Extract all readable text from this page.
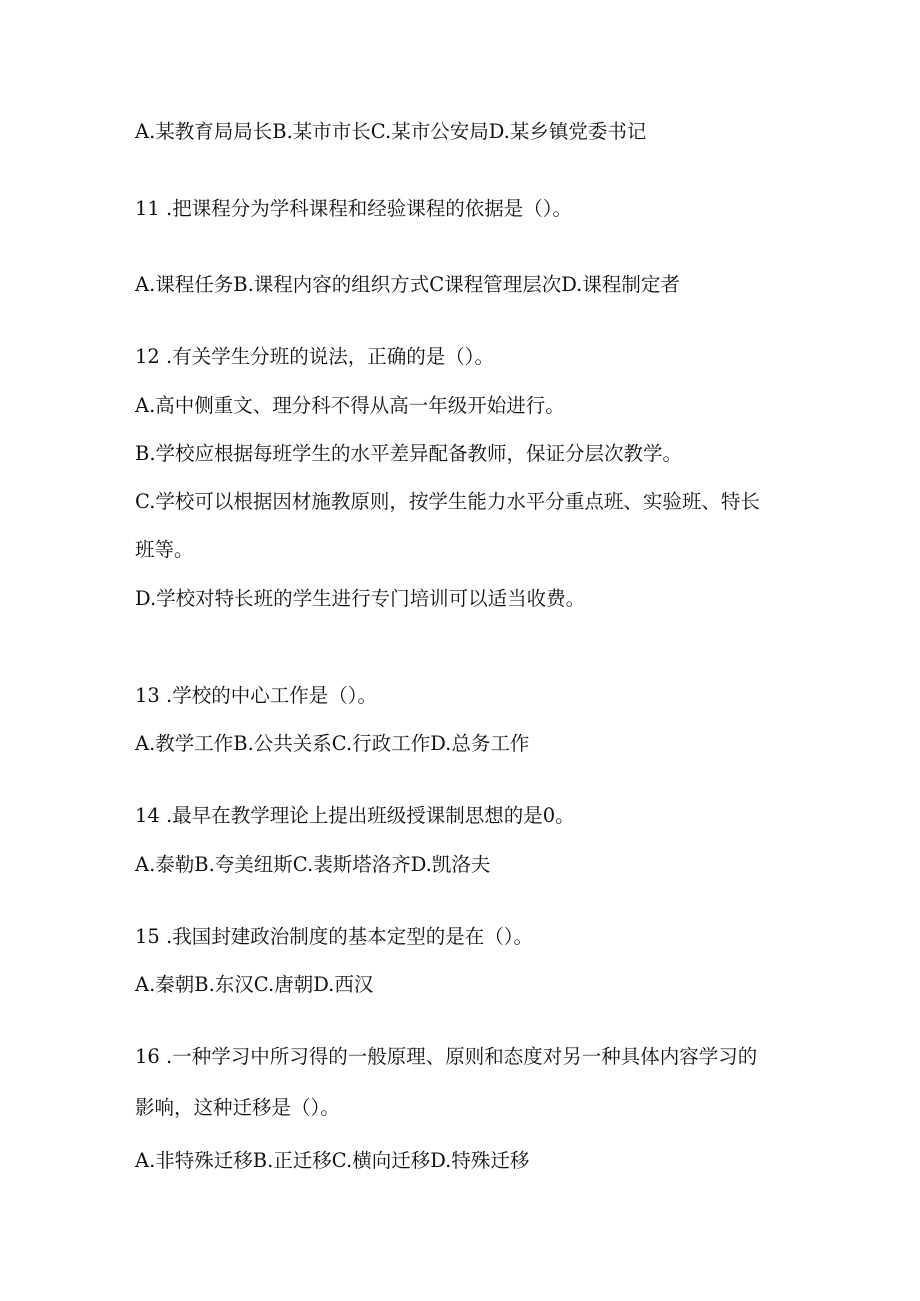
A.某教育局局长B.某市市长C.某市公安局D.某乡镇党委书记

11 .把课程分为学科课程和经验课程的依据是（）。

A.课程任务B.课程内容的组织方式C课程管理层次D.课程制定者

12 .有关学生分班的说法，正确的是（）。

A.高中侧重文、理分科不得从高一年级开始进行。

B.学校应根据每班学生的水平差异配备教师，保证分层次教学。

C.学校可以根据因材施教原则，按学生能力水平分重点班、实验班、特长

班等。

D.学校对特长班的学生进行专门培训可以适当收费。

13 .学校的中心工作是（）。

A.教学工作B.公共关系C.行政工作D.总务工作

14 .最早在教学理论上提出班级授课制思想的是0。

A.泰勒B.夸美纽斯C.裴斯塔洛齐D.凯洛夫

15 .我国封建政治制度的基本定型的是在（）。

A.秦朝B.东汉C.唐朝D.西汉

16 .一种学习中所习得的一般原理、原则和态度对另一种具体内容学习的

影响，这种迁移是（）。

A.非特殊迁移B.正迁移C.横向迁移D.特殊迁移
